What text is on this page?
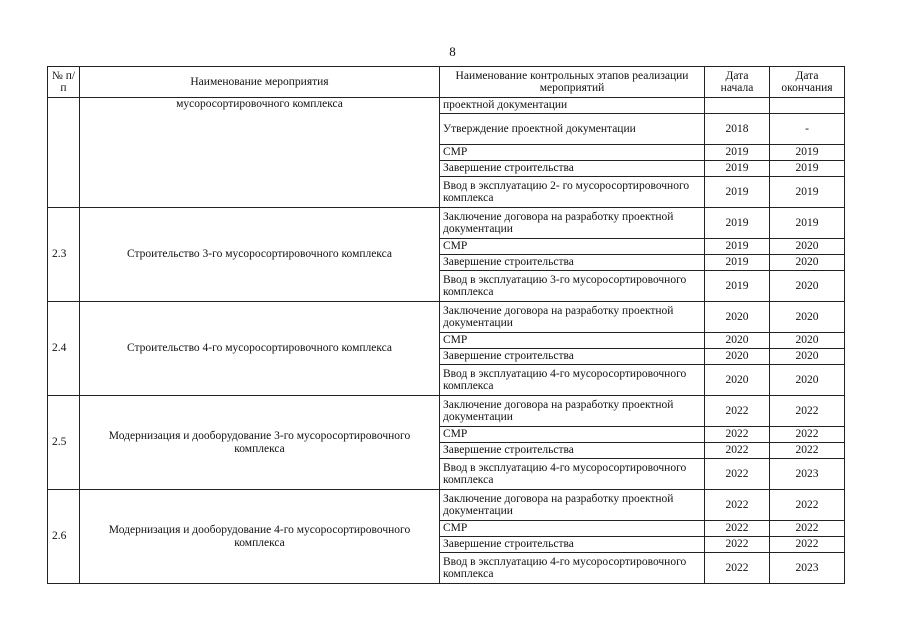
8
№ п/п	Наименование мероприятия	Наименование контрольных этапов реализации мероприятий	Дата начала	Дата окончания
	мусоросортировочного комплекса	проектной документации		
		Утверждение проектной документации	2018	-
		СМР	2019	2019
		Завершение строительства	2019	2019
		Ввод в эксплуатацию 2- го мусоросортировочного комплекса	2019	2019
2.3	Строительство 3-го мусоросортировочного комплекса	Заключение договора на разработку проектной документации	2019	2019
		СМР	2019	2020
		Завершение строительства	2019	2020
		Ввод в эксплуатацию 3-го мусоросортировочного комплекса	2019	2020
2.4	Строительство 4-го мусоросортировочного комплекса	Заключение договора на разработку проектной документации	2020	2020
		СМР	2020	2020
		Завершение строительства	2020	2020
		Ввод в эксплуатацию 4-го мусоросортировочного комплекса	2020	2020
2.5	Модернизация и дооборудование 3-го мусоросортировочного комплекса	Заключение договора на разработку проектной документации	2022	2022
		СМР	2022	2022
		Завершение строительства	2022	2022
		Ввод в эксплуатацию 4-го мусоросортировочного комплекса	2022	2023
2.6	Модернизация и дооборудование 4-го мусоросортировочного комплекса	Заключение договора на разработку проектной документации	2022	2022
		СМР	2022	2022
		Завершение строительства	2022	2022
		Ввод в эксплуатацию 4-го мусоросортировочного комплекса	2022	2023
